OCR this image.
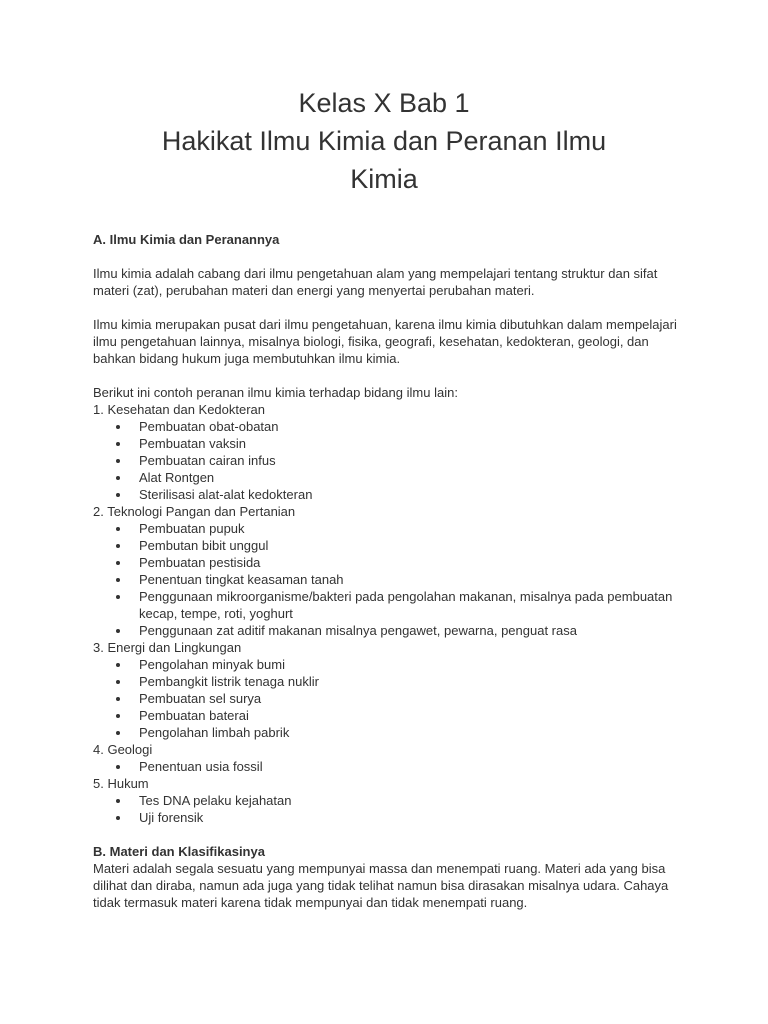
Kelas X Bab 1
Hakikat Ilmu Kimia dan Peranan Ilmu
Kimia

A. Ilmu Kimia dan Peranannya

Ilmu kimia adalah cabang dari ilmu pengetahuan alam yang mempelajari tentang struktur dan sifat materi (zat), perubahan materi dan energi yang menyertai perubahan materi.

Ilmu kimia merupakan pusat dari ilmu pengetahuan, karena ilmu kimia dibutuhkan dalam mempelajari ilmu pengetahuan lainnya, misalnya biologi, fisika, geografi, kesehatan, kedokteran, geologi, dan bahkan bidang hukum juga membutuhkan ilmu kimia.

Berikut ini contoh peranan ilmu kimia terhadap bidang ilmu lain:

1. Kesehatan dan Kedokteran

Pembuatan obat-obatan
Pembuatan vaksin
Pembuatan cairan infus
Alat Rontgen
Sterilisasi alat-alat kedokteran

2. Teknologi Pangan dan Pertanian

Pembuatan pupuk
Pembutan bibit unggul
Pembuatan pestisida
Penentuan tingkat keasaman tanah
Penggunaan mikroorganisme/bakteri pada pengolahan makanan, misalnya pada pembuatan kecap, tempe, roti, yoghurt
Penggunaan zat aditif makanan misalnya pengawet, pewarna, penguat rasa

3. Energi dan Lingkungan

Pengolahan minyak bumi
Pembangkit listrik tenaga nuklir
Pembuatan sel surya
Pembuatan baterai
Pengolahan limbah pabrik

4. Geologi

Penentuan usia fossil

5. Hukum

Tes DNA pelaku kejahatan
Uji forensik

B. Materi dan Klasifikasinya

Materi adalah segala sesuatu yang mempunyai massa dan menempati ruang. Materi ada yang bisa dilihat dan diraba, namun ada juga yang tidak telihat namun bisa dirasakan misalnya udara. Cahaya tidak termasuk materi karena tidak mempunyai dan tidak menempati ruang.
